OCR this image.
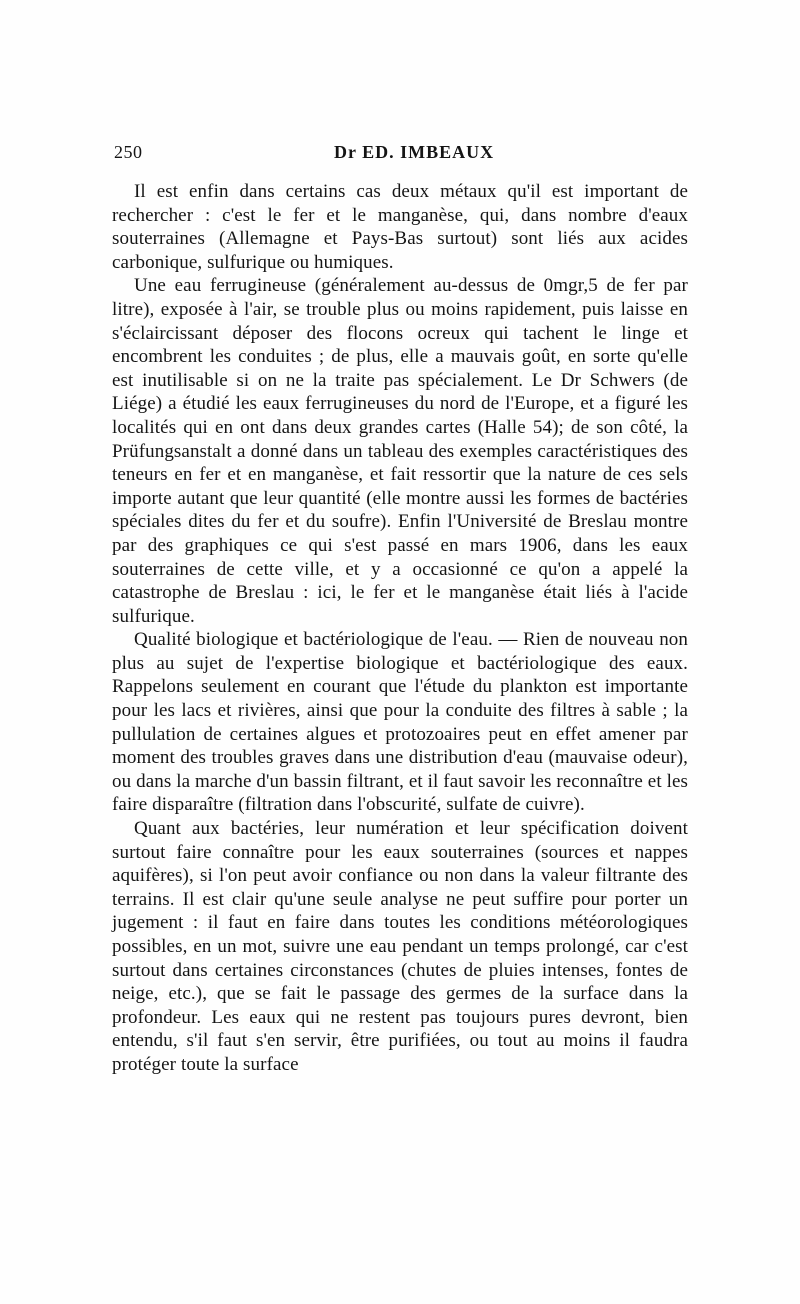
250	Dr ED. IMBEAUX

Il est enfin dans certains cas deux métaux qu'il est important de rechercher : c'est le fer et le manganèse, qui, dans nombre d'eaux souterraines (Allemagne et Pays-Bas surtout) sont liés aux acides carbonique, sulfurique ou humiques.

Une eau ferrugineuse (généralement au-dessus de 0mgr,5 de fer par litre), exposée à l'air, se trouble plus ou moins rapidement, puis laisse en s'éclaircissant déposer des flocons ocreux qui tachent le linge et encombrent les conduites ; de plus, elle a mauvais goût, en sorte qu'elle est inutilisable si on ne la traite pas spécialement. Le Dr Schwers (de Liége) a étudié les eaux ferrugineuses du nord de l'Europe, et a figuré les localités qui en ont dans deux grandes cartes (Halle 54); de son côté, la Prüfungsanstalt a donné dans un tableau des exemples caractéristiques des teneurs en fer et en manganèse, et fait ressortir que la nature de ces sels importe autant que leur quantité (elle montre aussi les formes de bactéries spéciales dites du fer et du soufre). Enfin l'Université de Breslau montre par des graphiques ce qui s'est passé en mars 1906, dans les eaux souterraines de cette ville, et y a occasionné ce qu'on a appelé la catastrophe de Breslau : ici, le fer et le manganèse était liés à l'acide sulfurique.

Qualité biologique et bactériologique de l'eau. — Rien de nouveau non plus au sujet de l'expertise biologique et bactériologique des eaux. Rappelons seulement en courant que l'étude du plankton est importante pour les lacs et rivières, ainsi que pour la conduite des filtres à sable ; la pullulation de certaines algues et protozoaires peut en effet amener par moment des troubles graves dans une distribution d'eau (mauvaise odeur), ou dans la marche d'un bassin filtrant, et il faut savoir les reconnaître et les faire disparaître (filtration dans l'obscurité, sulfate de cuivre).

Quant aux bactéries, leur numération et leur spécification doivent surtout faire connaître pour les eaux souterraines (sources et nappes aquifères), si l'on peut avoir confiance ou non dans la valeur filtrante des terrains. Il est clair qu'une seule analyse ne peut suffire pour porter un jugement : il faut en faire dans toutes les conditions météorologiques possibles, en un mot, suivre une eau pendant un temps prolongé, car c'est surtout dans certaines circonstances (chutes de pluies intenses, fontes de neige, etc.), que se fait le passage des germes de la surface dans la profondeur. Les eaux qui ne restent pas toujours pures devront, bien entendu, s'il faut s'en servir, être purifiées, ou tout au moins il faudra protéger toute la surface
